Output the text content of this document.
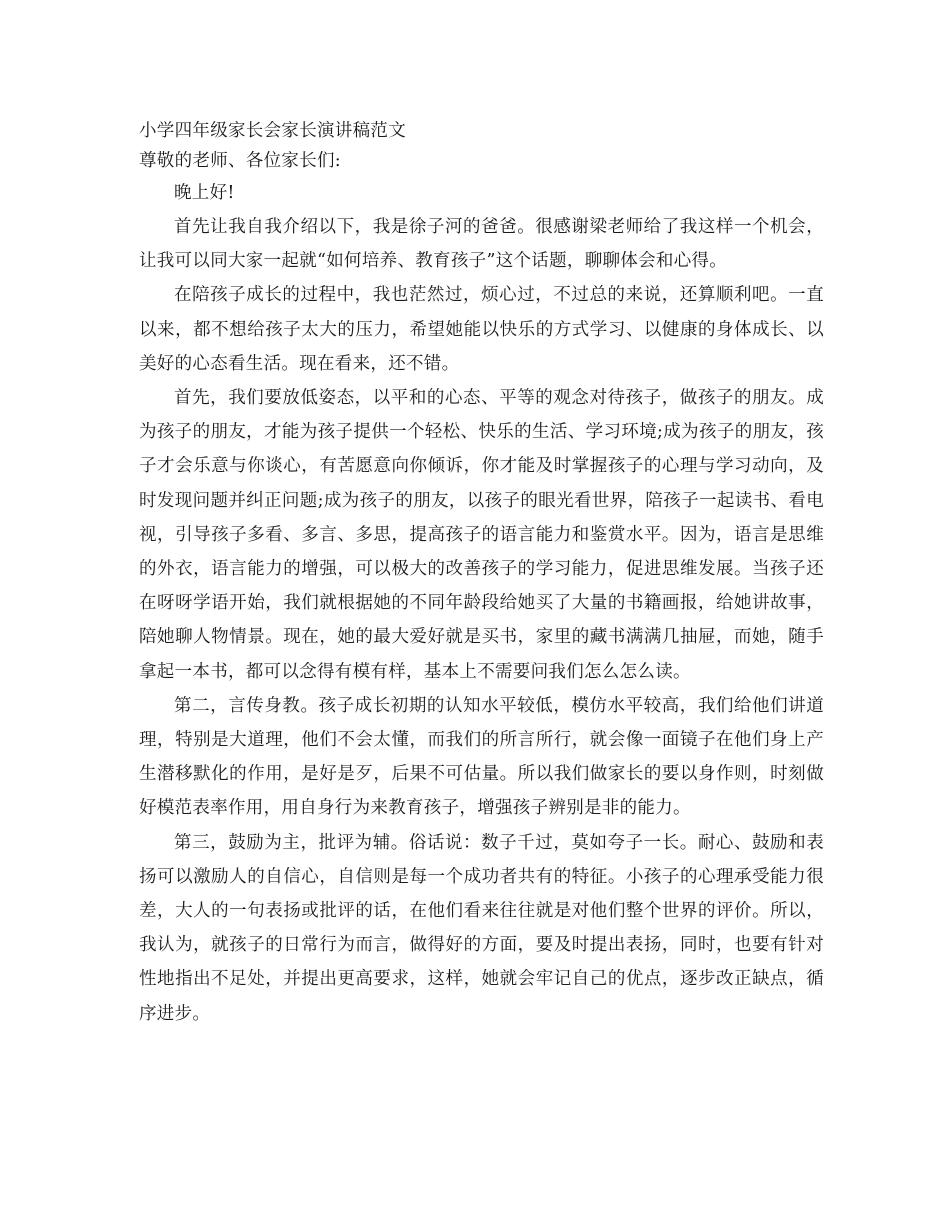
小学四年级家长会家长演讲稿范文

尊敬的老师、各位家长们:

晚上好!

首先让我自我介绍以下，我是徐子河的爸爸。很感谢梁老师给了我这样一个机会，让我可以同大家一起就“如何培养、教育孩子”这个话题，聊聊体会和心得。

在陪孩子成长的过程中，我也茫然过，烦心过，不过总的来说，还算顺利吧。一直以来，都不想给孩子太大的压力，希望她能以快乐的方式学习、以健康的身体成长、以美好的心态看生活。现在看来，还不错。

首先，我们要放低姿态，以平和的心态、平等的观念对待孩子，做孩子的朋友。成为孩子的朋友，才能为孩子提供一个轻松、快乐的生活、学习环境;成为孩子的朋友，孩子才会乐意与你谈心，有苦愿意向你倾诉，你才能及时掌握孩子的心理与学习动向，及时发现问题并纠正问题;成为孩子的朋友，以孩子的眼光看世界，陪孩子一起读书、看电视，引导孩子多看、多言、多思，提高孩子的语言能力和鉴赏水平。因为，语言是思维的外衣，语言能力的增强，可以极大的改善孩子的学习能力，促进思维发展。当孩子还在呀呀学语开始，我们就根据她的不同年龄段给她买了大量的书籍画报，给她讲故事，陪她聊人物情景。现在，她的最大爱好就是买书，家里的藏书满满几抽屉，而她，随手拿起一本书，都可以念得有模有样，基本上不需要问我们怎么怎么读。

第二，言传身教。孩子成长初期的认知水平较低，模仿水平较高，我们给他们讲道理，特别是大道理，他们不会太懂，而我们的所言所行，就会像一面镜子在他们身上产生潜移默化的作用，是好是歹，后果不可估量。所以我们做家长的要以身作则，时刻做好模范表率作用，用自身行为来教育孩子，增强孩子辨别是非的能力。

第三，鼓励为主，批评为辅。俗话说：数子千过，莫如夸子一长。耐心、鼓励和表扬可以激励人的自信心，自信则是每一个成功者共有的特征。小孩子的心理承受能力很差，大人的一句表扬或批评的话，在他们看来往往就是对他们整个世界的评价。所以，我认为，就孩子的日常行为而言，做得好的方面，要及时提出表扬，同时，也要有针对性地指出不足处，并提出更高要求，这样，她就会牢记自己的优点，逐步改正缺点，循序进步。
